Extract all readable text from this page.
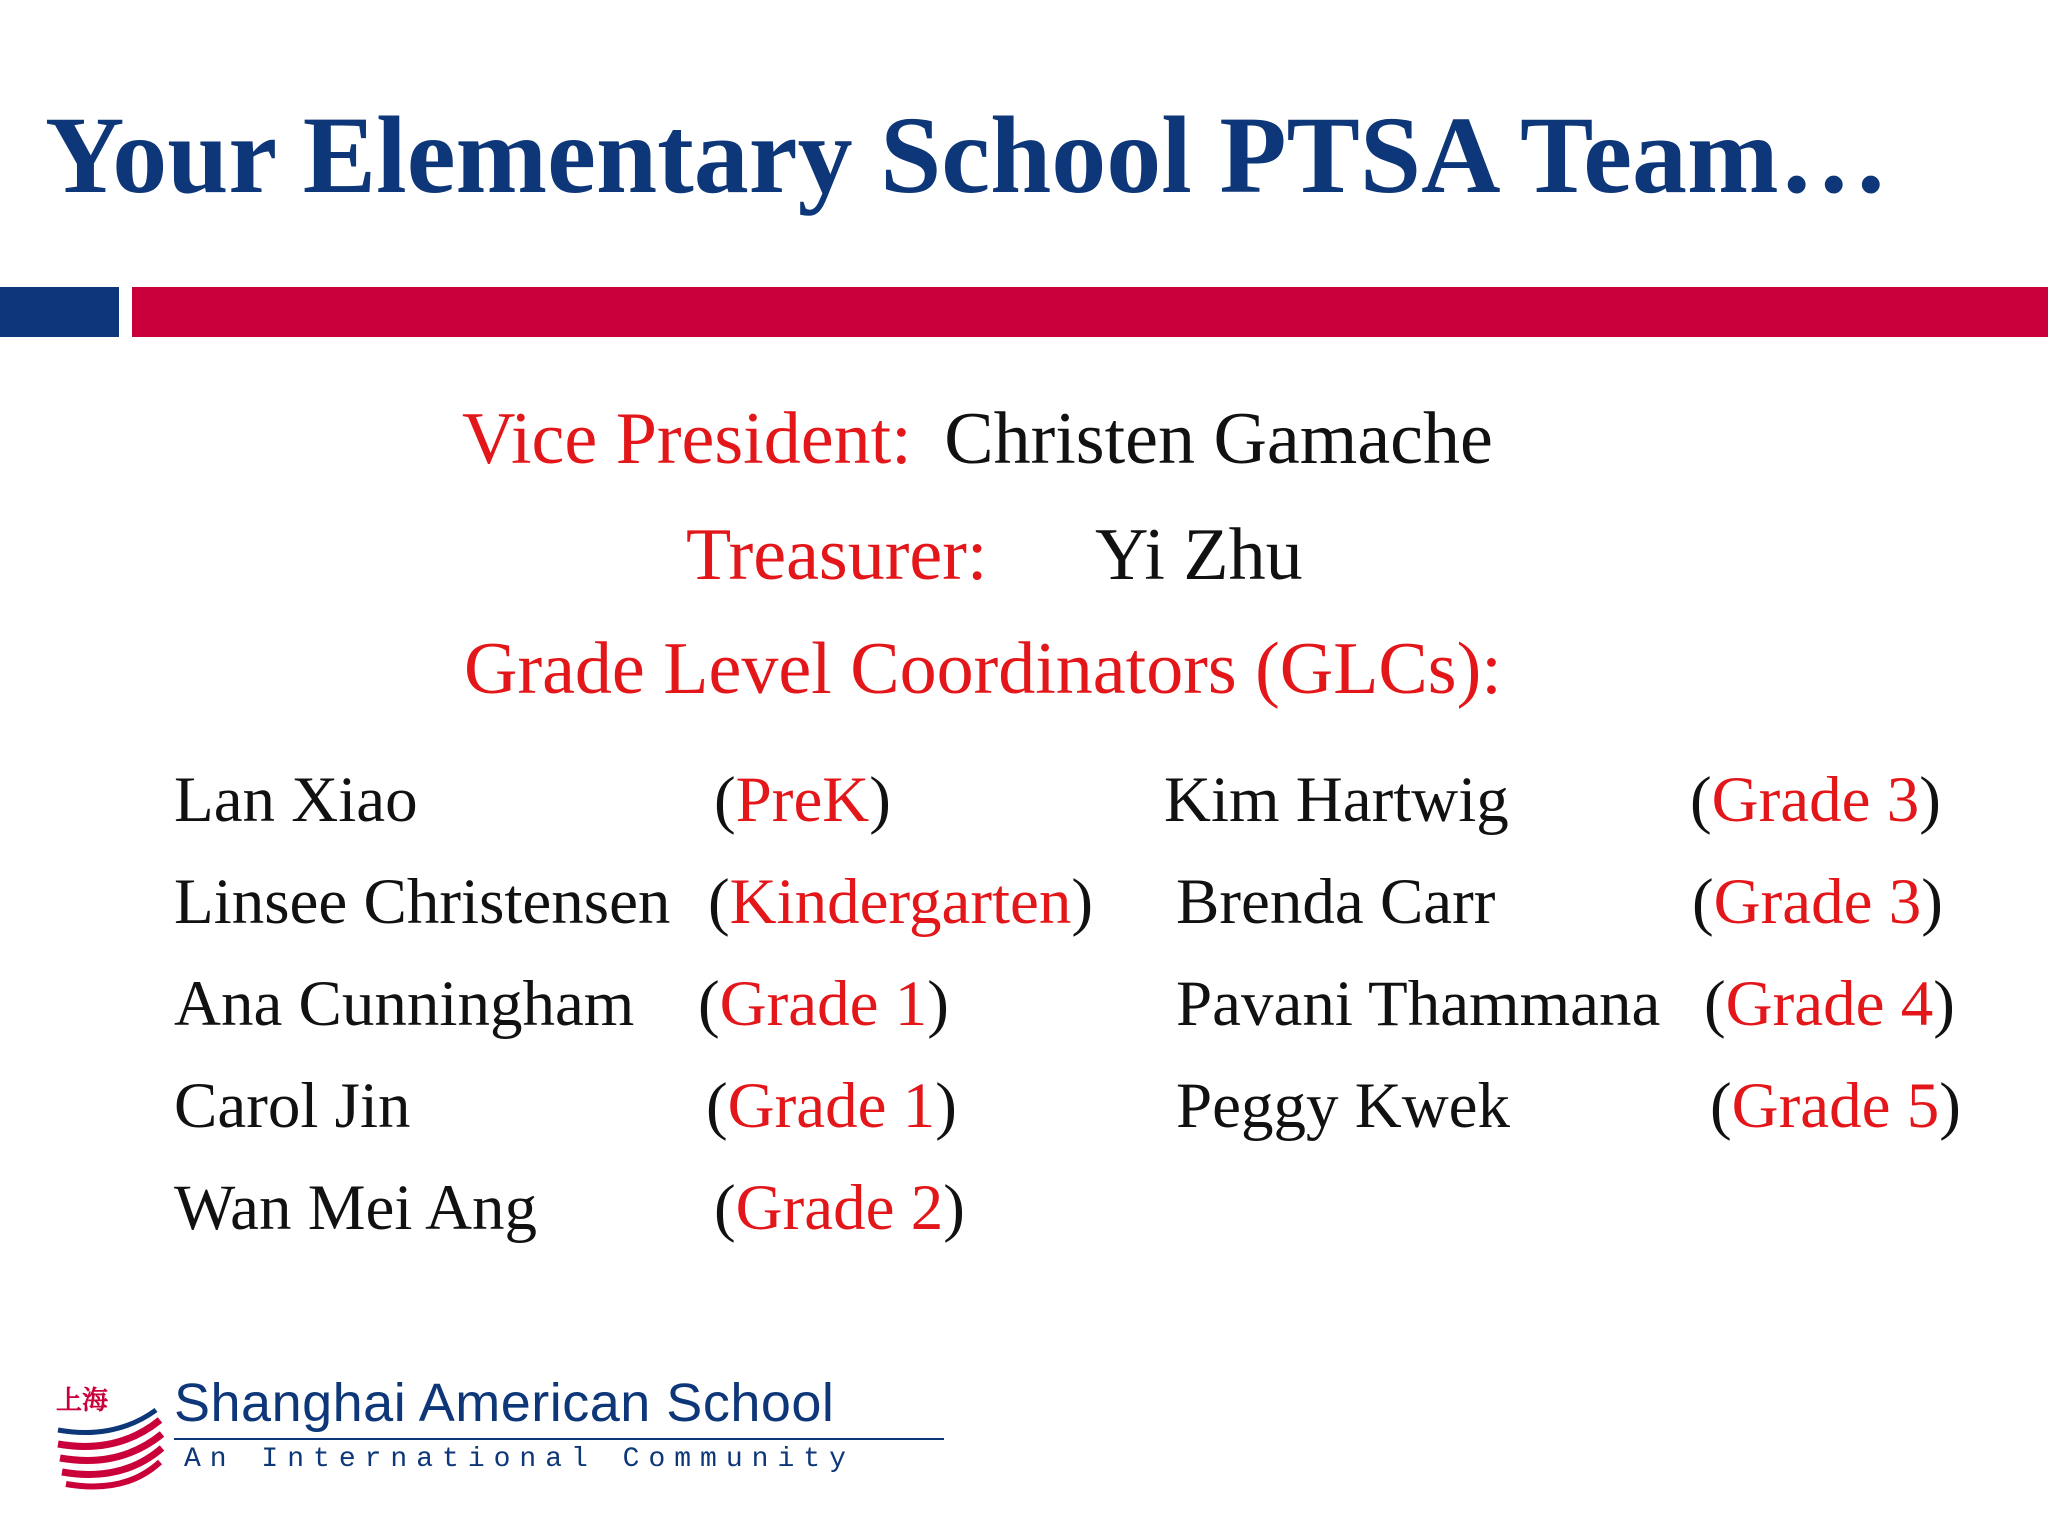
Your Elementary School PTSA Team…
Vice President: Christen Gamache
Treasurer: Yi Zhu
Grade Level Coordinators (GLCs):
Lan Xiao	(PreK)
Linsee Christensen (Kindergarten)
Ana Cunningham (Grade 1)
Carol Jin	(Grade 1)
Wan Mei Ang	(Grade 2)
Kim Hartwig	(Grade 3)
Brenda Carr	(Grade 3)
Pavani Thammana (Grade 4)
Peggy Kwek	(Grade 5)
上海 Shanghai American School
An International Community
